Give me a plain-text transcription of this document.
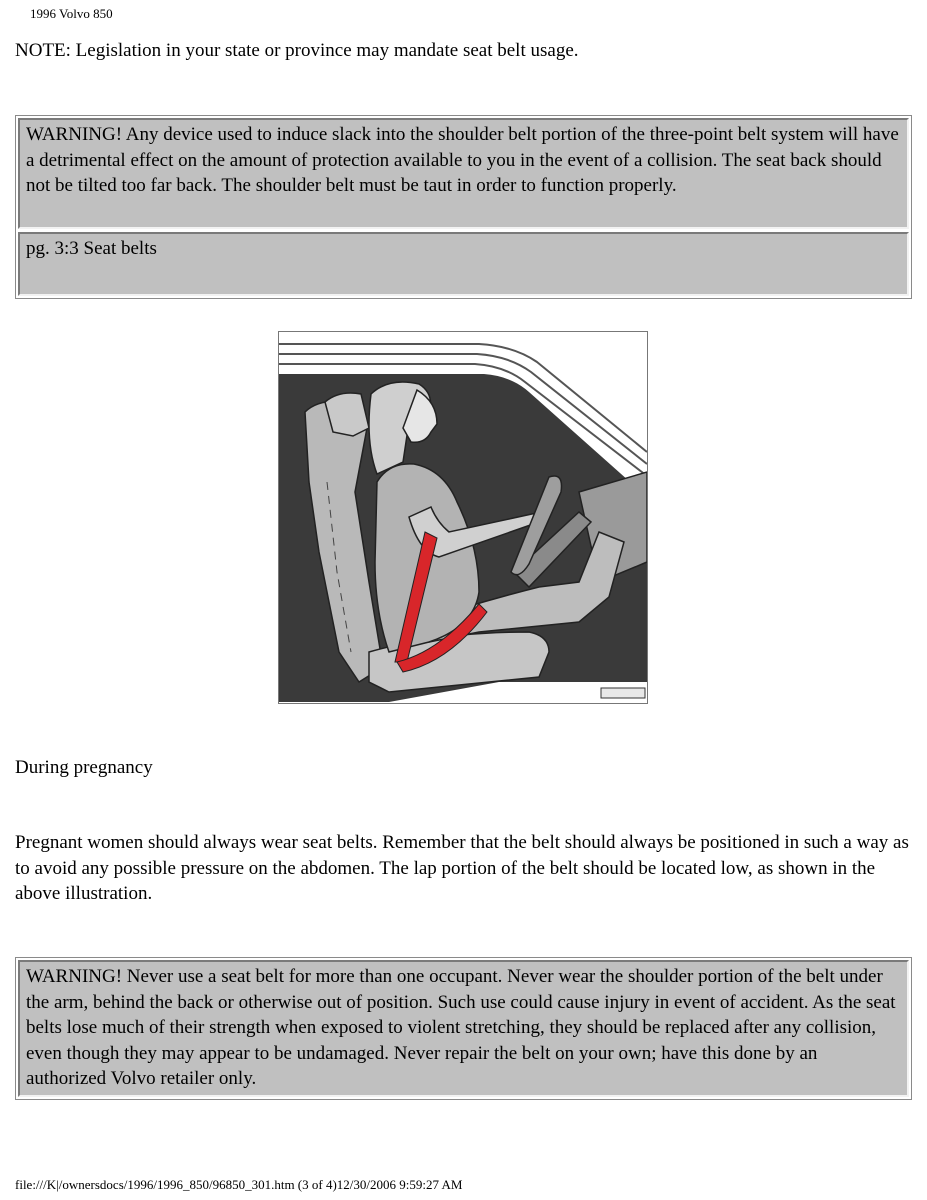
1996 Volvo 850
NOTE: Legislation in your state or province may mandate seat belt usage.
WARNING! Any device used to induce slack into the shoulder belt portion of the three-point belt system will have a detrimental effect on the amount of protection available to you in the event of a collision. The seat back should not be tilted too far back. The shoulder belt must be taut in order to function properly.
pg. 3:3 Seat belts
During pregnancy
Pregnant women should always wear seat belts. Remember that the belt should always be positioned in such a way as to avoid any possible pressure on the abdomen. The lap portion of the belt should be located low, as shown in the above illustration.
WARNING! Never use a seat belt for more than one occupant. Never wear the shoulder portion of the belt under the arm, behind the back or otherwise out of position. Such use could cause injury in event of accident. As the seat belts lose much of their strength when exposed to violent stretching, they should be replaced after any collision, even though they may appear to be undamaged. Never repair the belt on your own; have this done by an authorized Volvo retailer only.
file:///K|/ownersdocs/1996/1996_850/96850_301.htm (3 of 4)12/30/2006 9:59:27 AM
